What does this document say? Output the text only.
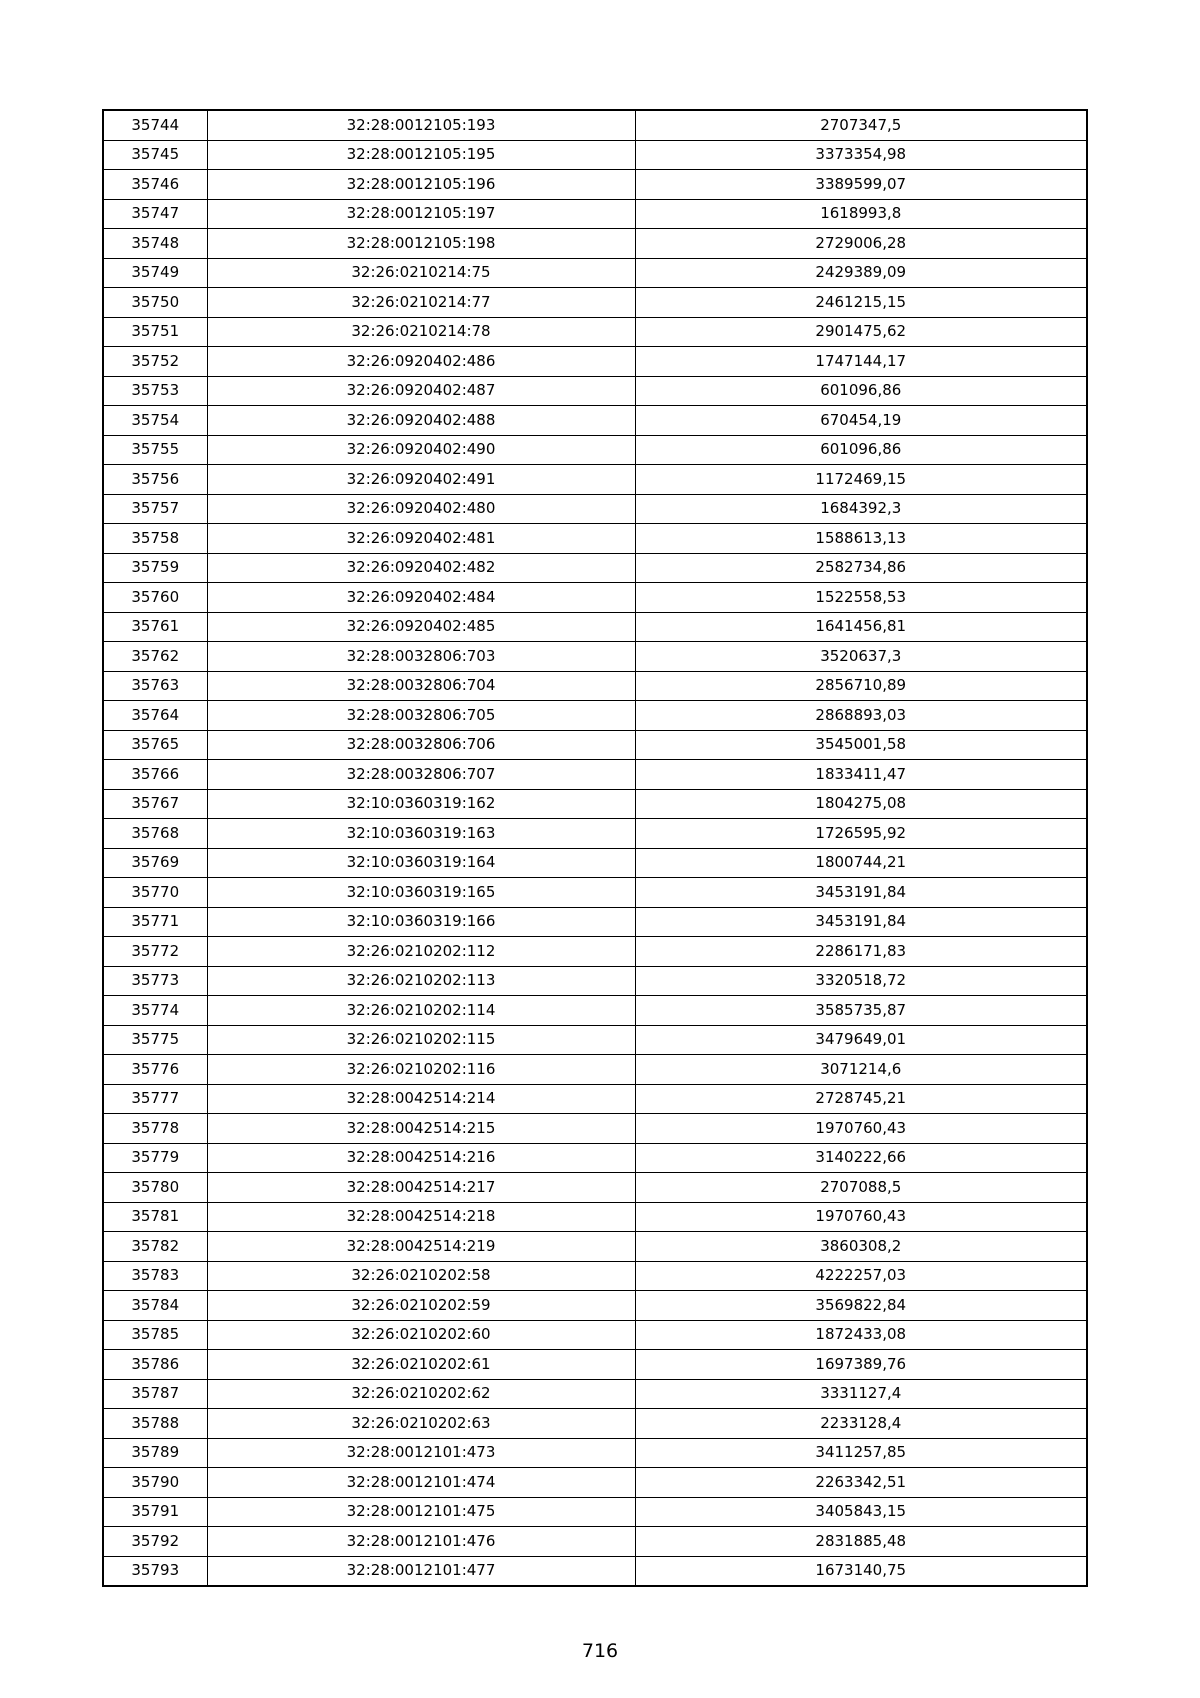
35744	32:28:0012105:193	2707347,5
35745	32:28:0012105:195	3373354,98
35746	32:28:0012105:196	3389599,07
35747	32:28:0012105:197	1618993,8
35748	32:28:0012105:198	2729006,28
35749	32:26:0210214:75	2429389,09
35750	32:26:0210214:77	2461215,15
35751	32:26:0210214:78	2901475,62
35752	32:26:0920402:486	1747144,17
35753	32:26:0920402:487	601096,86
35754	32:26:0920402:488	670454,19
35755	32:26:0920402:490	601096,86
35756	32:26:0920402:491	1172469,15
35757	32:26:0920402:480	1684392,3
35758	32:26:0920402:481	1588613,13
35759	32:26:0920402:482	2582734,86
35760	32:26:0920402:484	1522558,53
35761	32:26:0920402:485	1641456,81
35762	32:28:0032806:703	3520637,3
35763	32:28:0032806:704	2856710,89
35764	32:28:0032806:705	2868893,03
35765	32:28:0032806:706	3545001,58
35766	32:28:0032806:707	1833411,47
35767	32:10:0360319:162	1804275,08
35768	32:10:0360319:163	1726595,92
35769	32:10:0360319:164	1800744,21
35770	32:10:0360319:165	3453191,84
35771	32:10:0360319:166	3453191,84
35772	32:26:0210202:112	2286171,83
35773	32:26:0210202:113	3320518,72
35774	32:26:0210202:114	3585735,87
35775	32:26:0210202:115	3479649,01
35776	32:26:0210202:116	3071214,6
35777	32:28:0042514:214	2728745,21
35778	32:28:0042514:215	1970760,43
35779	32:28:0042514:216	3140222,66
35780	32:28:0042514:217	2707088,5
35781	32:28:0042514:218	1970760,43
35782	32:28:0042514:219	3860308,2
35783	32:26:0210202:58	4222257,03
35784	32:26:0210202:59	3569822,84
35785	32:26:0210202:60	1872433,08
35786	32:26:0210202:61	1697389,76
35787	32:26:0210202:62	3331127,4
35788	32:26:0210202:63	2233128,4
35789	32:28:0012101:473	3411257,85
35790	32:28:0012101:474	2263342,51
35791	32:28:0012101:475	3405843,15
35792	32:28:0012101:476	2831885,48
35793	32:28:0012101:477	1673140,75
716
